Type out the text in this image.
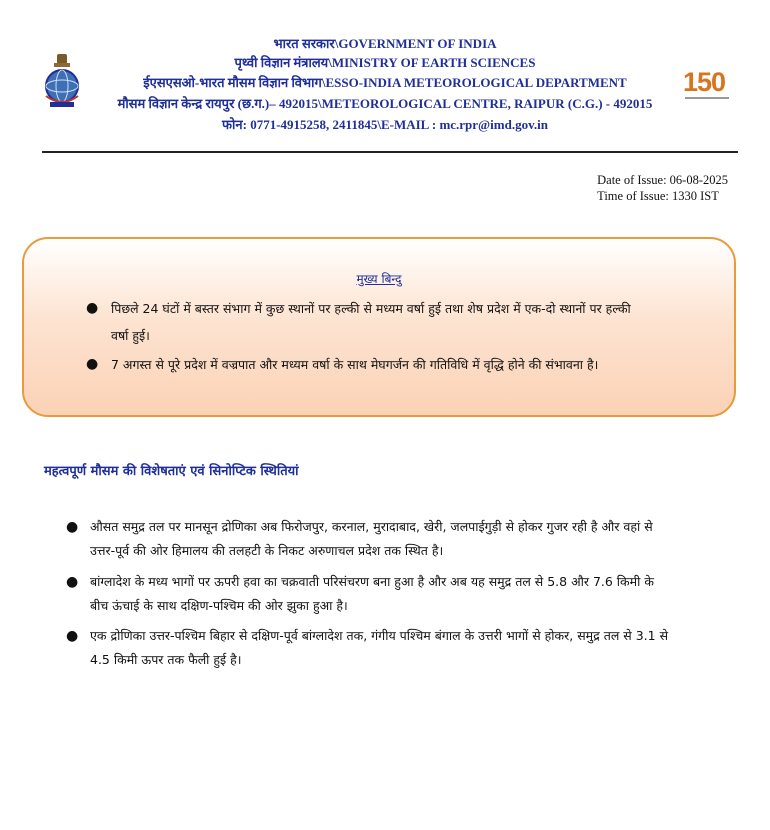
भारत सरकार\GOVERNMENT OF INDIA
पृथ्वी विज्ञान मंत्रालय\MINISTRY OF EARTH SCIENCES
ईएसएसओ-भारत मौसम विज्ञान विभाग\ESSO-INDIA METEOROLOGICAL DEPARTMENT
मौसम विज्ञान केन्द्र रायपुर (छ.ग.)– 492015\METEOROLOGICAL CENTRE, RAIPUR (C.G.) - 492015
फोन: 0771-4915258, 2411845\E-MAIL : mc.rpr@imd.gov.in
150
Date of Issue: 06-08-2025
Time of Issue: 1330 IST
मुख्य बिन्दु
● पिछले 24 घंटों में बस्तर संभाग में कुछ स्थानों पर हल्की से मध्यम वर्षा हुई तथा शेष प्रदेश में एक-दो स्थानों पर हल्की
वर्षा हुई।
● 7 अगस्त से पूरे प्रदेश में वज्रपात और मध्यम वर्षा के साथ मेघगर्जन की गतिविधि में वृद्धि होने की संभावना है।
महत्वपूर्ण मौसम की विशेषताएं एवं सिनोप्टिक स्थितियां
● औसत समुद्र तल पर मानसून द्रोणिका अब फिरोजपुर, करनाल, मुरादाबाद, खेरी, जलपाईगुड़ी से होकर गुजर रही है और वहां से
उत्तर-पूर्व की ओर हिमालय की तलहटी के निकट अरुणाचल प्रदेश तक स्थित है।
● बांग्लादेश के मध्य भागों पर ऊपरी हवा का चक्रवाती परिसंचरण बना हुआ है और अब यह समुद्र तल से 5.8 और 7.6 किमी के
बीच ऊंचाई के साथ दक्षिण-पश्चिम की ओर झुका हुआ है।
● एक द्रोणिका उत्तर-पश्चिम बिहार से दक्षिण-पूर्व बांग्लादेश तक, गंगीय पश्चिम बंगाल के उत्तरी भागों से होकर, समुद्र तल से 3.1 से
4.5 किमी ऊपर तक फैली हुई है।
